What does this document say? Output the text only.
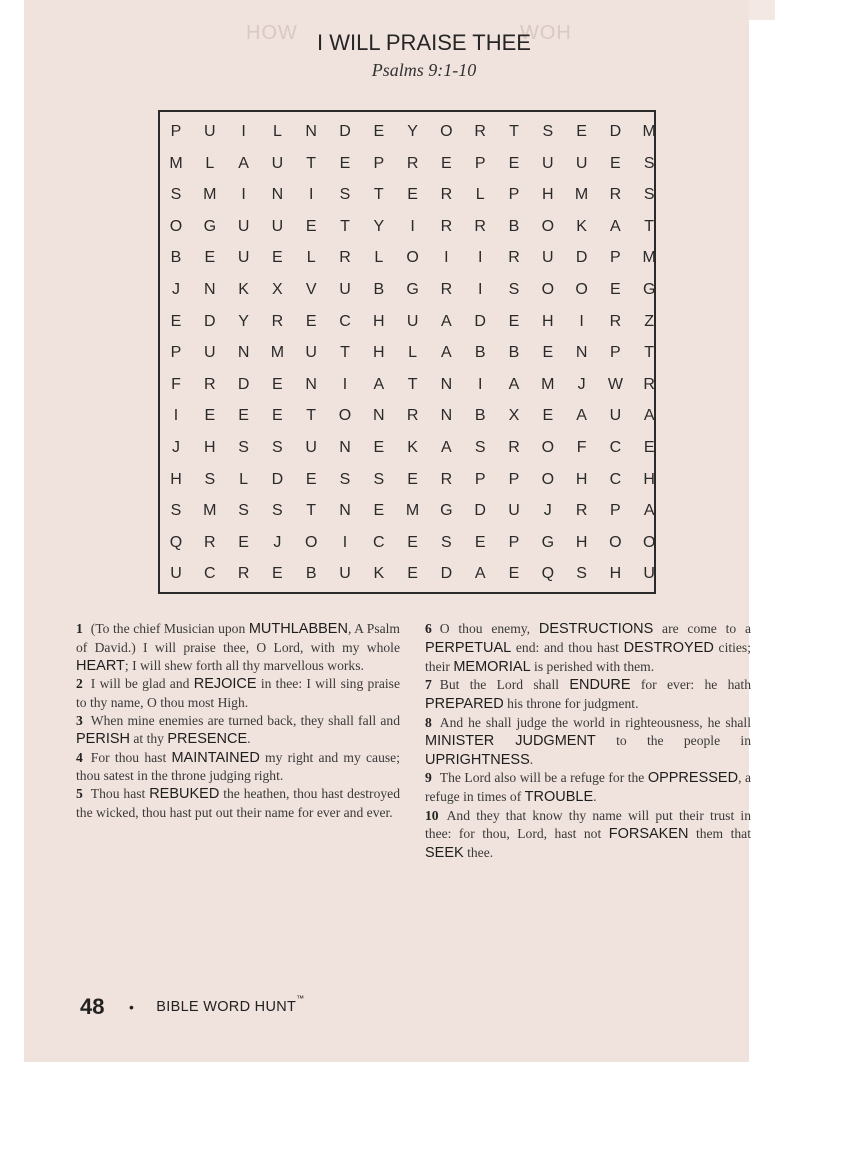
HOW	WOH
I WILL PRAISE THEE
Psalms 9:1-10
P	U	I	L	N	D	E	Y	O	R	T	S	E	D	M
M	L	A	U	T	E	P	R	E	P	E	U	U	E	S
S	M	I	N	I	S	T	E	R	L	P	H	M	R	S
O	G	U	U	E	T	Y	I	R	R	B	O	K	A	T
B	E	U	E	L	R	L	O	I	I	R	U	D	P	M
J	N	K	X	V	U	B	G	R	I	S	O	O	E	G
E	D	Y	R	E	C	H	U	A	D	E	H	I	R	Z
P	U	N	M	U	T	H	L	A	B	B	E	N	P	T
F	R	D	E	N	I	A	T	N	I	A	M	J	W	R
I	E	E	E	T	O	N	R	N	B	X	E	A	U	A
J	H	S	S	U	N	E	K	A	S	R	O	F	C	E
H	S	L	D	E	S	S	E	R	P	P	O	H	C	H
S	M	S	S	T	N	E	M	G	D	U	J	R	P	A
Q	R	E	J	O	I	C	E	S	E	P	G	H	O	O
U	C	R	E	B	U	K	E	D	A	E	Q	S	H	U

1 (To the chief Musician upon MUTHLABBEN, A Psalm of David.) I will praise thee, O Lord, with my whole HEART; I will shew forth all thy marvellous works.

2 I will be glad and REJOICE in thee: I will sing praise to thy name, O thou most High.

3 When mine enemies are turned back, they shall fall and PERISH at thy PRESENCE.

4 For thou hast MAINTAINED my right and my cause; thou satest in the throne judging right.

5 Thou hast REBUKED the heathen, thou hast destroyed the wicked, thou hast put out their name for ever and ever.

6 O thou enemy, DESTRUCTIONS are come to a PERPETUAL end: and thou hast DESTROYED cities; their MEMORIAL is perished with them.

7 But the Lord shall ENDURE for ever: he hath PREPARED his throne for judgment.

8 And he shall judge the world in righteousness, he shall MINISTER JUDGMENT to the people in UPRIGHTNESS.

9 The Lord also will be a refuge for the OPPRESSED, a refuge in times of TROUBLE.

10 And they that know thy name will put their trust in thee: for thou, Lord, hast not FORSAKEN them that SEEK thee.

48 • BIBLE WORD HUNT™
